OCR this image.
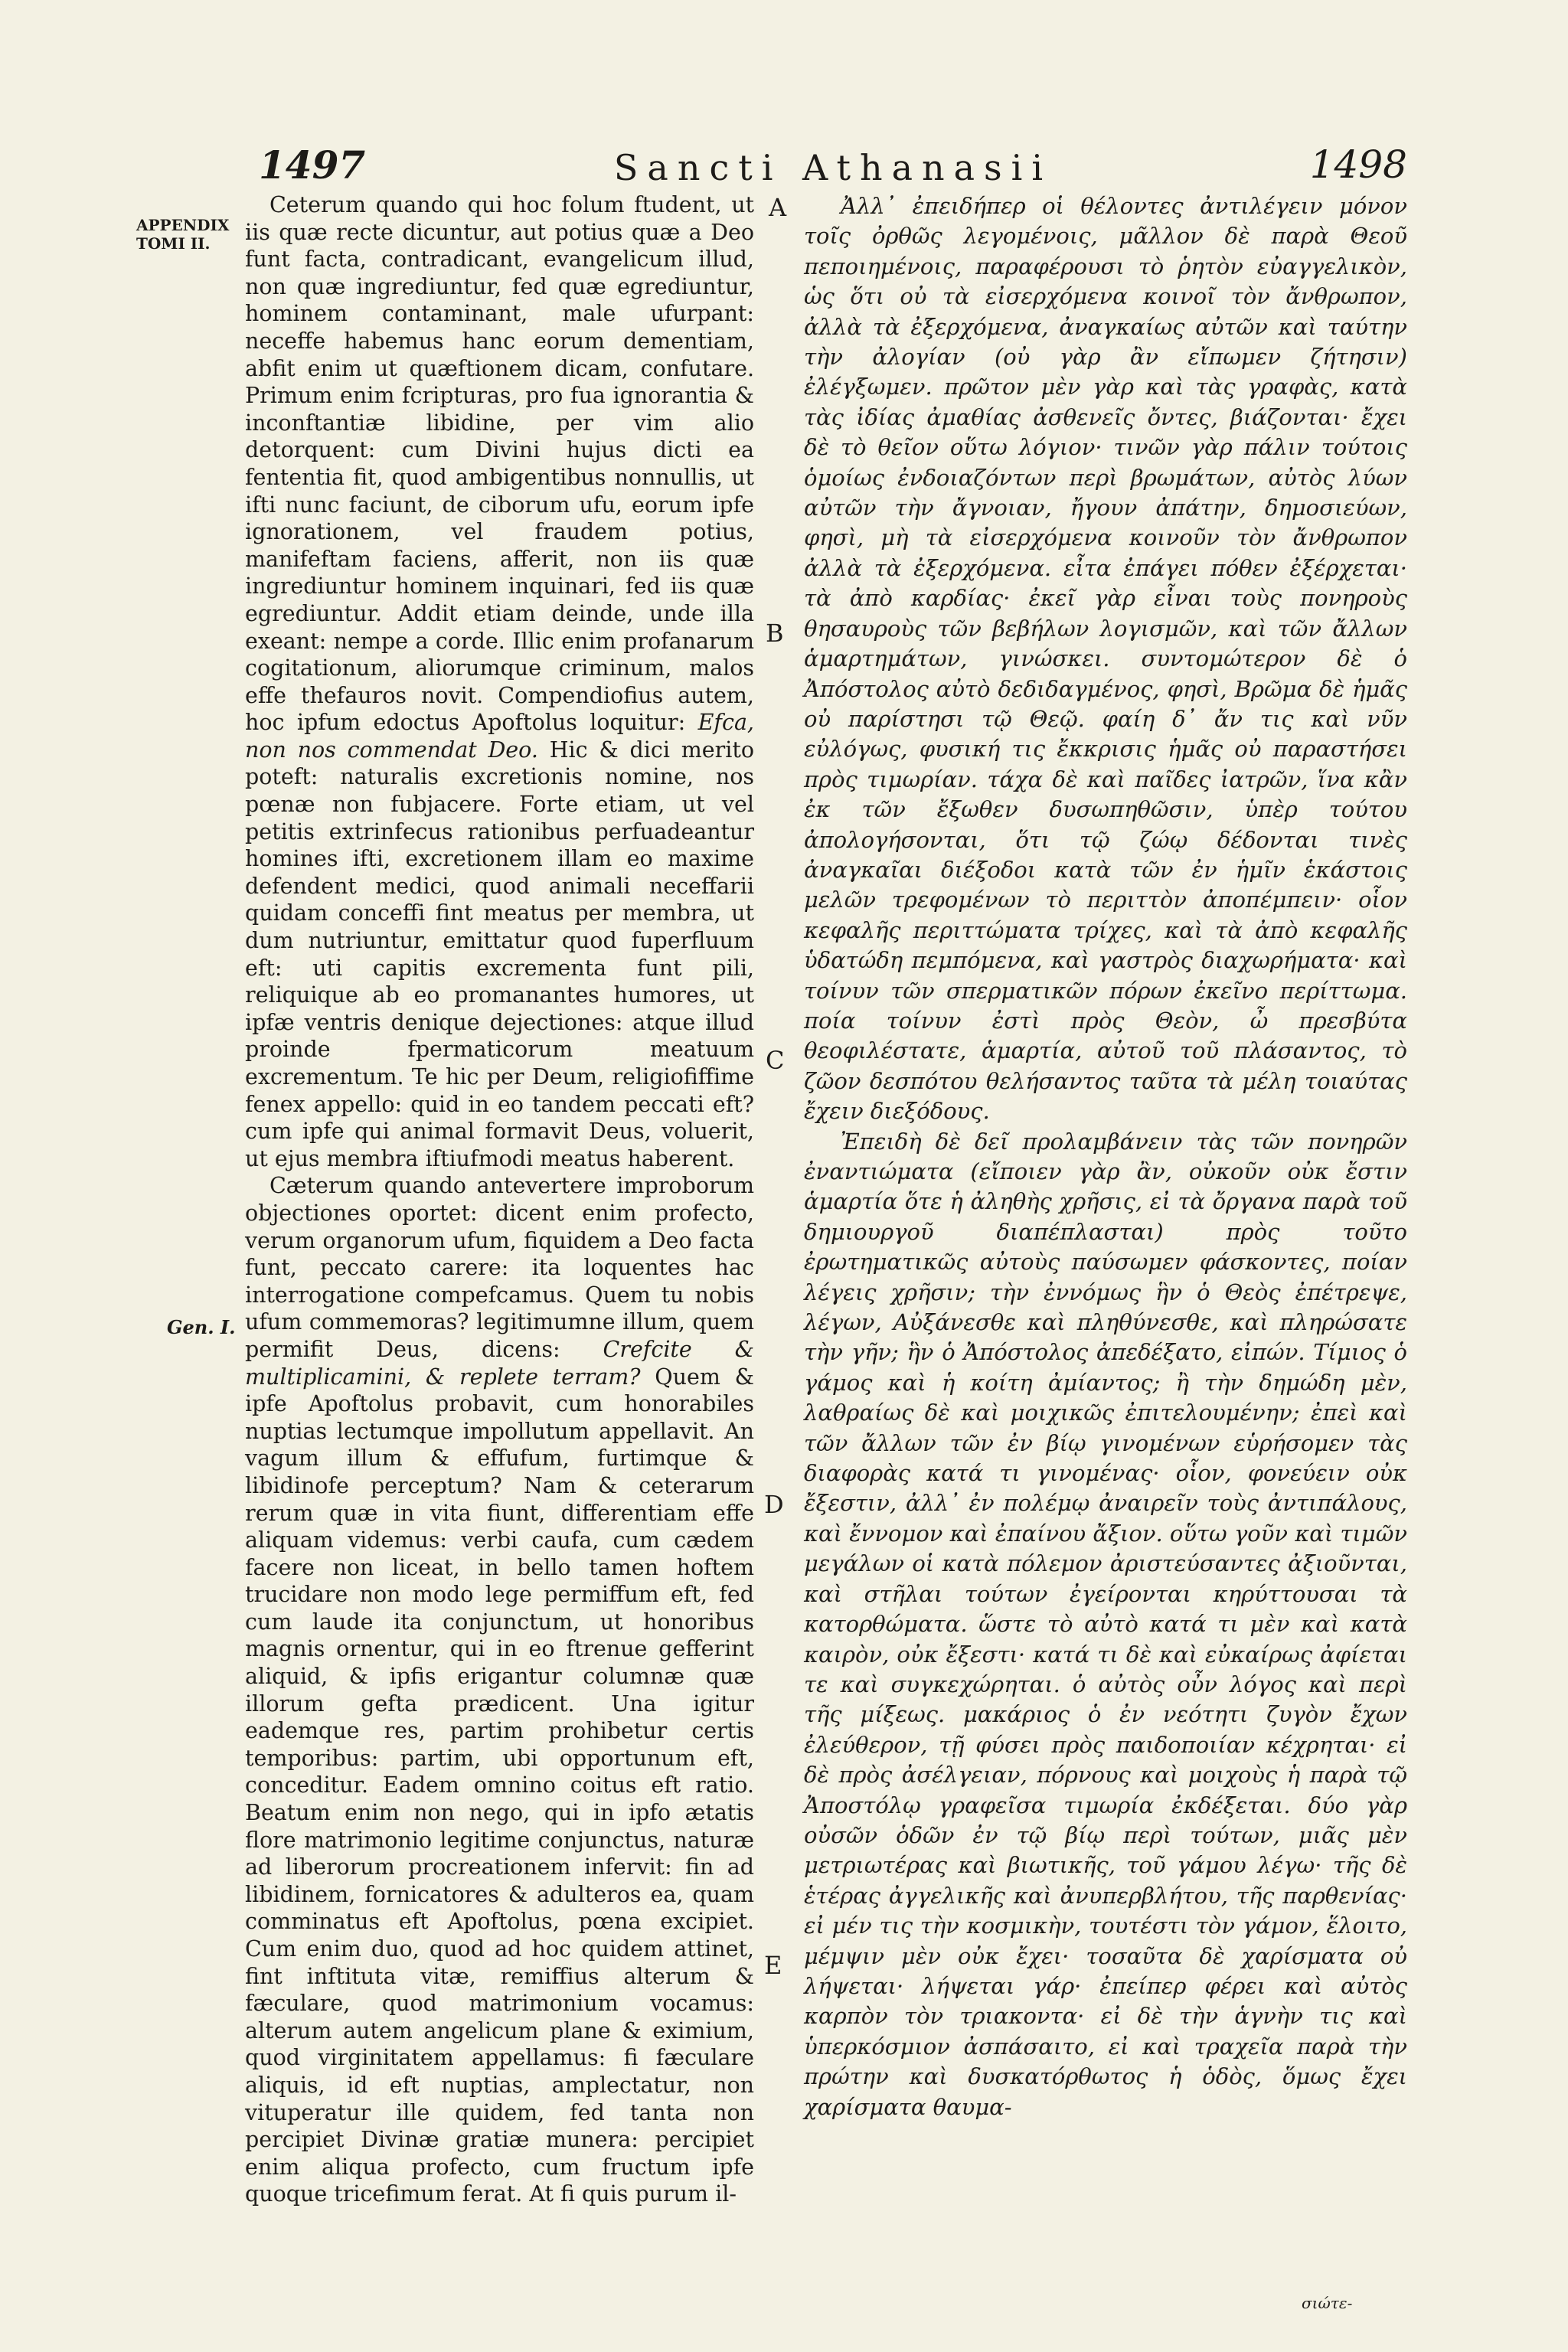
1497	Sancti Athanasii	1498
APPENDIX TOMI II.
Gen. I.
A
B
C
D
E

Ceterum quando qui hoc folum ftudent, ut iis quæ recte dicuntur, aut potius quæ a Deo funt facta, contradicant, evangelicum illud, non quæ ingrediuntur, fed quæ egrediuntur, hominem contaminant, male ufurpant: neceffe habemus hanc eorum dementiam, abfit enim ut quæftionem dicam, confutare. Primum enim fcripturas, pro fua ignorantia & inconftantiæ libidine, per vim alio detorquent: cum Divini hujus dicti ea fententia fit, quod ambigentibus nonnullis, ut ifti nunc faciunt, de ciborum ufu, eorum ipfe ignorationem, vel fraudem potius, manifeftam faciens, afferit, non iis quæ ingrediuntur hominem inquinari, fed iis quæ egrediuntur. Addit etiam deinde, unde illa exeant: nempe a corde. Illic enim profanarum cogitationum, aliorumque criminum, malos effe thefauros novit. Compendiofius autem, hoc ipfum edoctus Apoftolus loquitur: Efca, non nos commendat Deo. Hic & dici merito poteft: naturalis excretionis nomine, nos pœnæ non fubjacere. Forte etiam, ut vel petitis extrinfecus rationibus perfuadeantur homines ifti, excretionem illam eo maxime defendent medici, quod animali neceffarii quidam conceffi fint meatus per membra, ut dum nutriuntur, emittatur quod fuperfluum eft: uti capitis excrementa funt pili, reliquique ab eo promanantes humores, ut ipfæ ventris denique dejectiones: atque illud proinde fpermaticorum meatuum excrementum. Te hic per Deum, religiofiffime fenex appello: quid in eo tandem peccati eft? cum ipfe qui animal formavit Deus, voluerit, ut ejus membra iftiufmodi meatus haberent.

Cæterum quando antevertere improborum objectiones oportet: dicent enim profecto, verum organorum ufum, fiquidem a Deo facta funt, peccato carere: ita loquentes hac interrogatione compefcamus. Quem tu nobis ufum commemoras? legitimumne illum, quem permifit Deus, dicens: Crefcite & multiplicamini, & replete terram? Quem & ipfe Apoftolus probavit, cum honorabiles nuptias lectumque impollutum appellavit. An vagum illum & effufum, furtimque & libidinofe perceptum? Nam & ceterarum rerum quæ in vita fiunt, differentiam effe aliquam videmus: verbi caufa, cum cædem facere non liceat, in bello tamen hoftem trucidare non modo lege permiffum eft, fed cum laude ita conjunctum, ut honoribus magnis ornentur, qui in eo ftrenue gefferint aliquid, & ipfis erigantur columnæ quæ illorum gefta prædicent. Una igitur eademque res, partim prohibetur certis temporibus: partim, ubi opportunum eft, conceditur. Eadem omnino coitus eft ratio. Beatum enim non nego, qui in ipfo ætatis flore matrimonio legitime conjunctus, naturæ ad liberorum procreationem infervit: fin ad libidinem, fornicatores & adulteros ea, quam comminatus eft Apoftolus, pœna excipiet. Cum enim duo, quod ad hoc quidem attinet, fint inftituta vitæ, remiffius alterum & fæculare, quod matrimonium vocamus: alterum autem angelicum plane & eximium, quod virginitatem appellamus: fi fæculare aliquis, id eft nuptias, amplectatur, non vituperatur ille quidem, fed tanta non percipiet Divinæ gratiæ munera: percipiet enim aliqua profecto, cum fructum ipfe quoque tricefimum ferat. At fi quis purum il-

Ἀλλ᾽ ἐπειδήπερ οἱ θέλοντες ἀντιλέγειν μόνον τοῖς ὀρθῶς λεγομένοις, μᾶλλον δὲ παρὰ Θεοῦ πεποιημένοις, παραφέρουσι τὸ ῥητὸν εὐαγγελικὸν, ὡς ὅτι οὐ τὰ εἰσερχόμενα κοινοῖ τὸν ἄνθρωπον, ἀλλὰ τὰ ἐξερχόμενα, ἀναγκαίως αὐτῶν καὶ ταύτην τὴν ἀλογίαν (οὐ γὰρ ἂν εἴπωμεν ζήτησιν) ἐλέγξωμεν. πρῶτον μὲν γὰρ καὶ τὰς γραφὰς, κατὰ τὰς ἰδίας ἀμαθίας ἀσθενεῖς ὄντες, βιάζονται· ἔχει δὲ τὸ θεῖον οὕτω λόγιον· τινῶν γὰρ πάλιν τούτοις ὁμοίως ἐνδοιαζόντων περὶ βρωμάτων, αὐτὸς λύων αὐτῶν τὴν ἄγνοιαν, ἤγουν ἀπάτην, δημοσιεύων, φησὶ, μὴ τὰ εἰσερχόμενα κοινοῦν τὸν ἄνθρωπον ἀλλὰ τὰ ἐξερχόμενα. εἶτα ἐπάγει πόθεν ἐξέρχεται· τὰ ἀπὸ καρδίας· ἐκεῖ γὰρ εἶναι τοὺς πονηροὺς θησαυροὺς τῶν βεβήλων λογισμῶν, καὶ τῶν ἄλλων ἁμαρτημάτων, γινώσκει. συντομώτερον δὲ ὁ Ἀπόστολος αὐτὸ δεδιδαγμένος, φησὶ, Βρῶμα δὲ ἡμᾶς οὐ παρίστησι τῷ Θεῷ. φαίη δ᾽ ἄν τις καὶ νῦν εὐλόγως, φυσική τις ἔκκρισις ἡμᾶς οὐ παραστήσει πρὸς τιμωρίαν. τάχα δὲ καὶ παῖδες ἰατρῶν, ἵνα κἂν ἐκ τῶν ἔξωθεν δυσωπηθῶσιν, ὑπὲρ τούτου ἀπολογήσονται, ὅτι τῷ ζώῳ δέδονται τινὲς ἀναγκαῖαι διέξοδοι κατὰ τῶν ἐν ἡμῖν ἑκάστοις μελῶν τρεφομένων τὸ περιττὸν ἀποπέμπειν· οἷον κεφαλῆς περιττώματα τρίχες, καὶ τὰ ἀπὸ κεφαλῆς ὑδατώδη πεμπόμενα, καὶ γαστρὸς διαχωρήματα· καὶ τοίνυν τῶν σπερματικῶν πόρων ἐκεῖνο περίττωμα. ποία τοίνυν ἐστὶ πρὸς Θεὸν, ὦ πρεσβύτα θεοφιλέστατε, ἁμαρτία, αὐτοῦ τοῦ πλάσαντος, τὸ ζῶον δεσπότου θελήσαντος ταῦτα τὰ μέλη τοιαύτας ἔχειν διεξόδους.

Ἐπειδὴ δὲ δεῖ προλαμβάνειν τὰς τῶν πονηρῶν ἐναντιώματα (εἴποιεν γὰρ ἂν, οὐκοῦν οὐκ ἔστιν ἁμαρτία ὅτε ἡ ἀληθὴς χρῆσις, εἰ τὰ ὄργανα παρὰ τοῦ δημιουργοῦ διαπέπλασται) πρὸς τοῦτο ἐρωτηματικῶς αὐτοὺς παύσωμεν φάσκοντες, ποίαν λέγεις χρῆσιν; τὴν ἐννόμως ἣν ὁ Θεὸς ἐπέτρεψε, λέγων, Αὐξάνεσθε καὶ πληθύνεσθε, καὶ πληρώσατε τὴν γῆν; ἣν ὁ Ἀπόστολος ἀπεδέξατο, εἰπών. Τίμιος ὁ γάμος καὶ ἡ κοίτη ἀμίαντος; ἢ τὴν δημώδη μὲν, λαθραίως δὲ καὶ μοιχικῶς ἐπιτελουμένην; ἐπεὶ καὶ τῶν ἄλλων τῶν ἐν βίῳ γινομένων εὑρήσομεν τὰς διαφορὰς κατά τι γινομένας· οἷον, φονεύειν οὐκ ἔξεστιν, ἀλλ᾽ ἐν πολέμῳ ἀναιρεῖν τοὺς ἀντιπάλους, καὶ ἔννομον καὶ ἐπαίνου ἄξιον. οὕτω γοῦν καὶ τιμῶν μεγάλων οἱ κατὰ πόλεμον ἀριστεύσαντες ἀξιοῦνται, καὶ στῆλαι τούτων ἐγείρονται κηρύττουσαι τὰ κατορθώματα. ὥστε τὸ αὐτὸ κατά τι μὲν καὶ κατὰ καιρὸν, οὐκ ἔξεστι· κατά τι δὲ καὶ εὐκαίρως ἀφίεται τε καὶ συγκεχώρηται. ὁ αὐτὸς οὖν λόγος καὶ περὶ τῆς μίξεως. μακάριος ὁ ἐν νεότητι ζυγὸν ἔχων ἐλεύθερον, τῇ φύσει πρὸς παιδοποιίαν κέχρηται· εἰ δὲ πρὸς ἀσέλγειαν, πόρνους καὶ μοιχοὺς ἡ παρὰ τῷ Ἀποστόλῳ γραφεῖσα τιμωρία ἐκδέξεται. δύο γὰρ οὐσῶν ὁδῶν ἐν τῷ βίῳ περὶ τούτων, μιᾶς μὲν μετριωτέρας καὶ βιωτικῆς, τοῦ γάμου λέγω· τῆς δὲ ἑτέρας ἀγγελικῆς καὶ ἀνυπερβλήτου, τῆς παρθενίας· εἰ μέν τις τὴν κοσμικὴν, τουτέστι τὸν γάμον, ἕλοιτο, μέμψιν μὲν οὐκ ἔχει· τοσαῦτα δὲ χαρίσματα οὐ λήψεται· λήψεται γάρ· ἐπείπερ φέρει καὶ αὐτὸς καρπὸν τὸν τριακοντα· εἰ δὲ τὴν ἁγνὴν τις καὶ ὑπερκόσμιον ἀσπάσαιτο, εἰ καὶ τραχεῖα παρὰ τὴν πρώτην καὶ δυσκατόρθωτος ἡ ὁδὸς, ὅμως ἔχει χαρίσματα θαυμα-

σιώτε-
